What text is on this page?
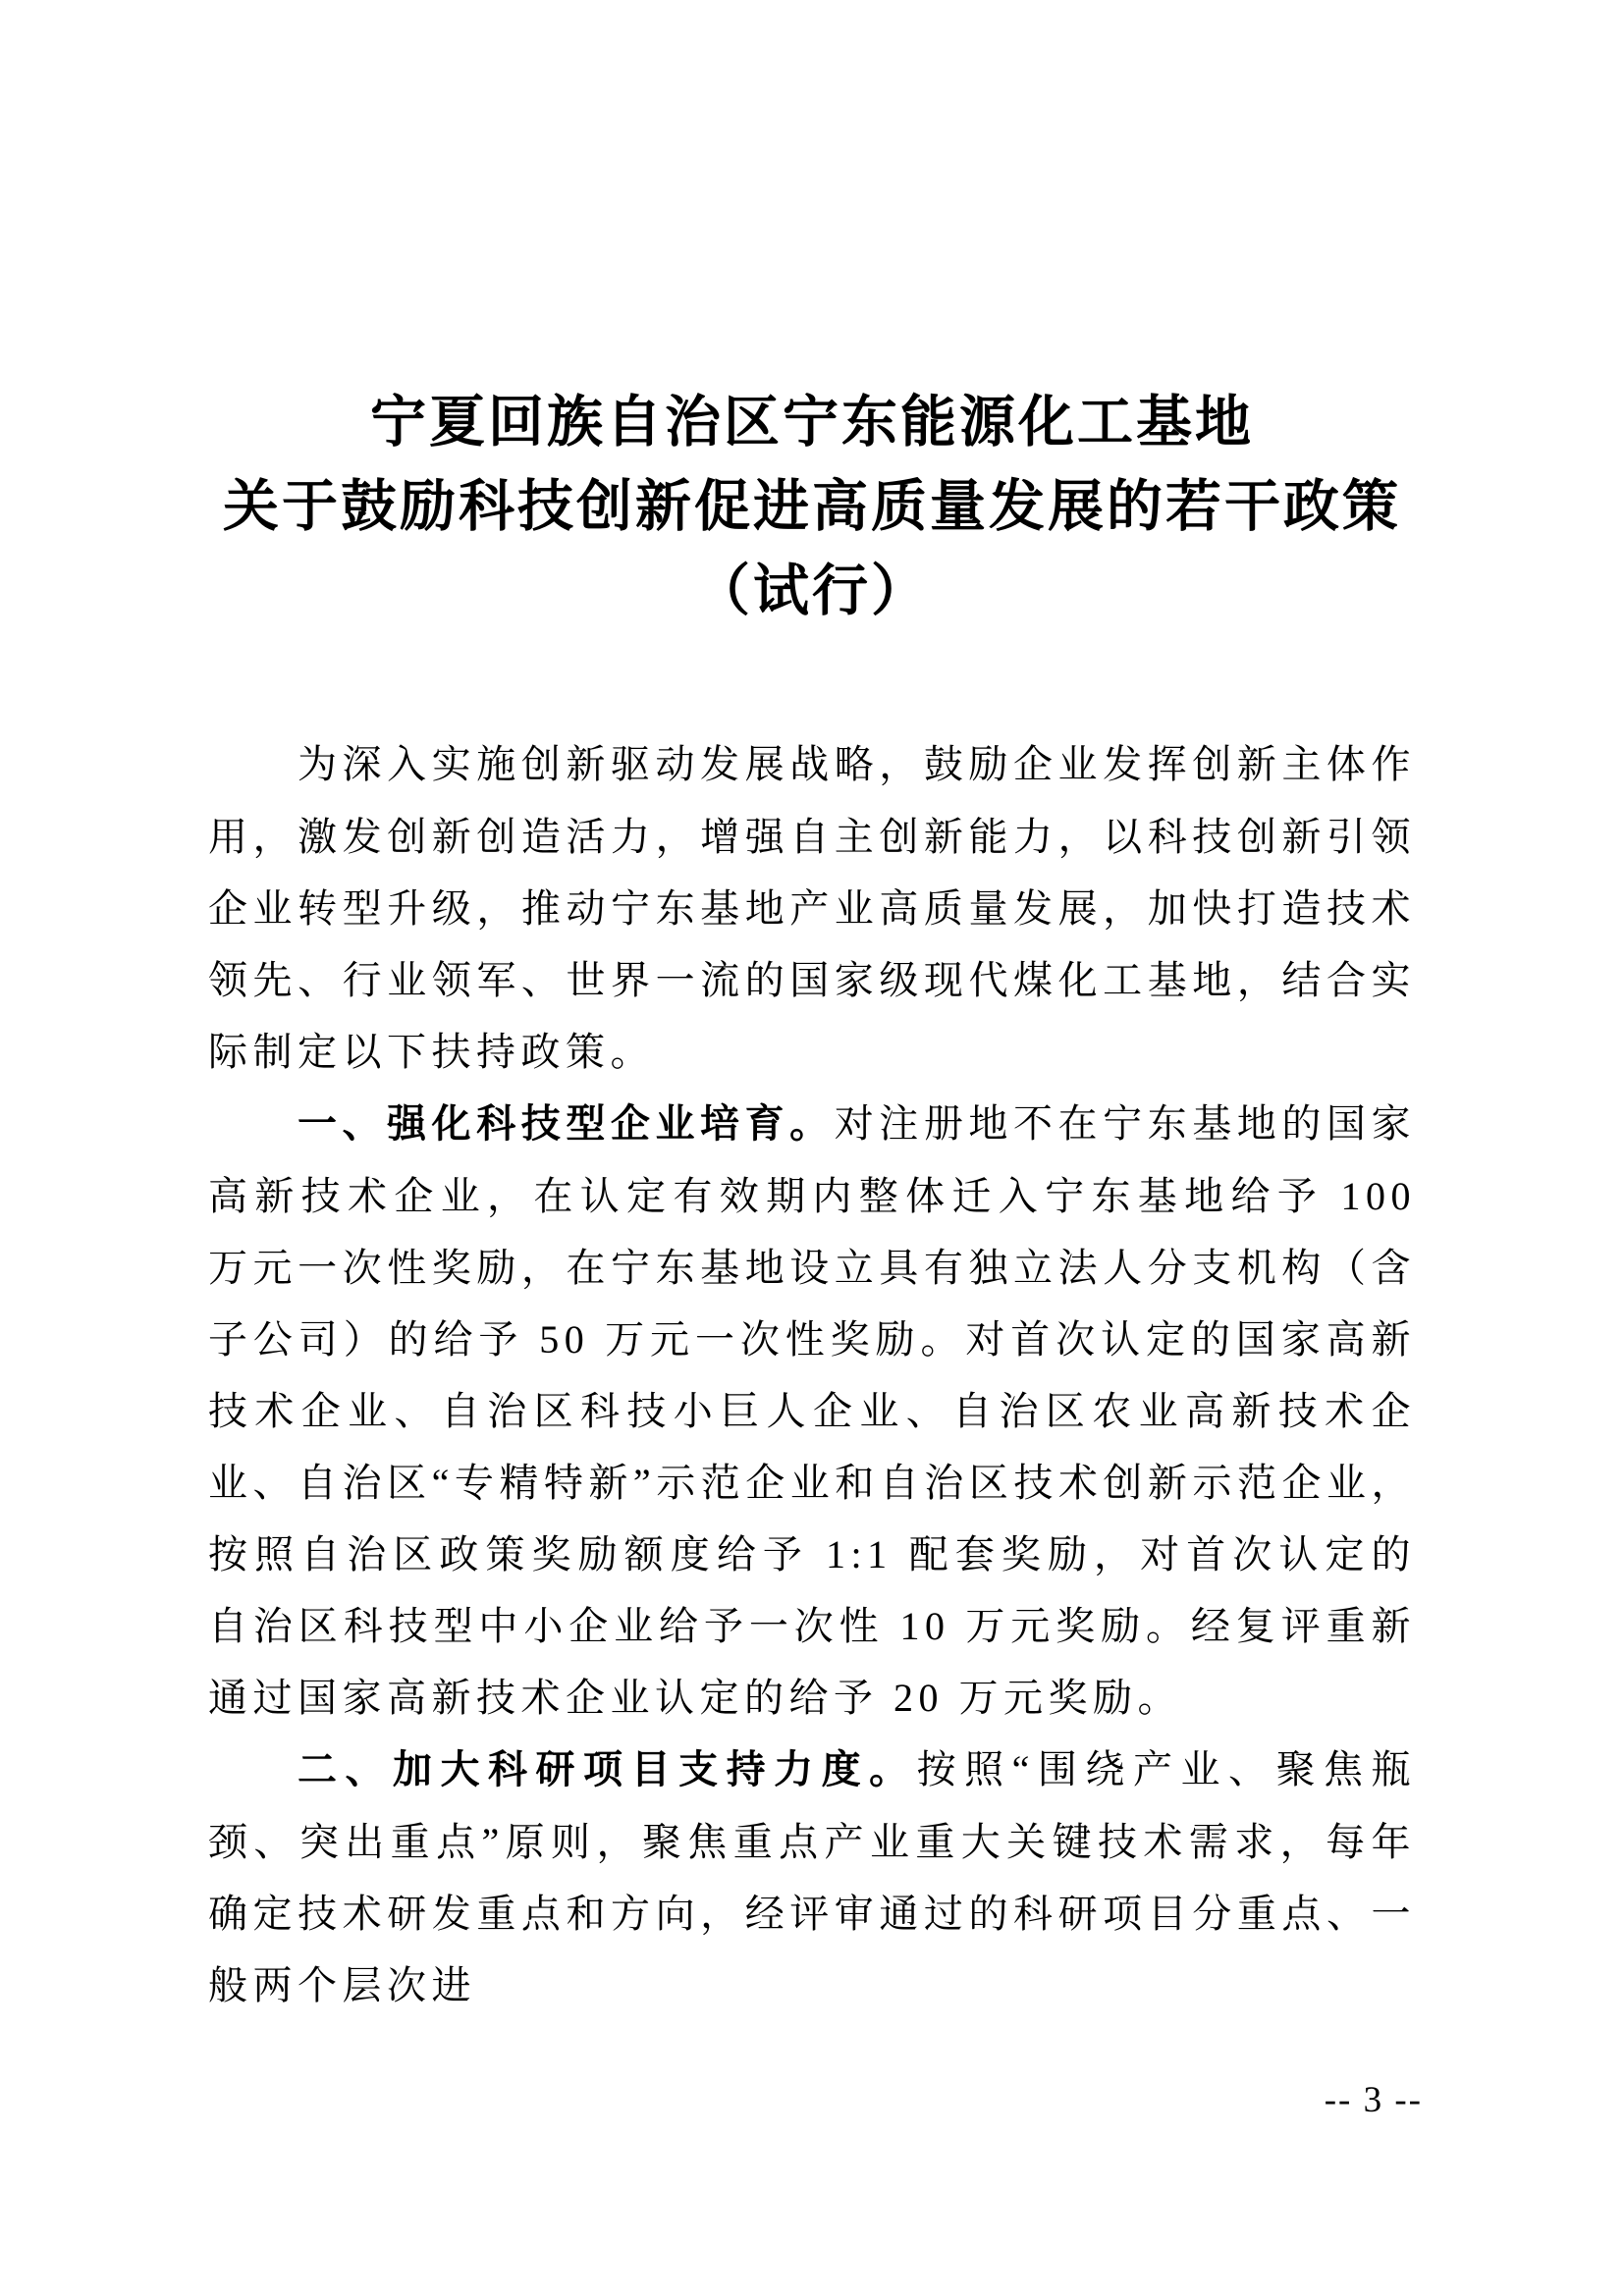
宁夏回族自治区宁东能源化工基地
关于鼓励科技创新促进高质量发展的若干政策
（试行）

为深入实施创新驱动发展战略，鼓励企业发挥创新主体作用，激发创新创造活力，增强自主创新能力，以科技创新引领企业转型升级，推动宁东基地产业高质量发展，加快打造技术领先、行业领军、世界一流的国家级现代煤化工基地，结合实际制定以下扶持政策。

一、强化科技型企业培育。对注册地不在宁东基地的国家高新技术企业，在认定有效期内整体迁入宁东基地给予 100 万元一次性奖励，在宁东基地设立具有独立法人分支机构（含子公司）的给予 50 万元一次性奖励。对首次认定的国家高新技术企业、自治区科技小巨人企业、自治区农业高新技术企业、自治区“专精特新”示范企业和自治区技术创新示范企业，按照自治区政策奖励额度给予 1:1 配套奖励，对首次认定的自治区科技型中小企业给予一次性 10 万元奖励。经复评重新通过国家高新技术企业认定的给予 20 万元奖励。

二、加大科研项目支持力度。按照“围绕产业、聚焦瓶颈、突出重点”原则，聚焦重点产业重大关键技术需求，每年确定技术研发重点和方向，经评审通过的科研项目分重点、一般两个层次进

-- 3 --
